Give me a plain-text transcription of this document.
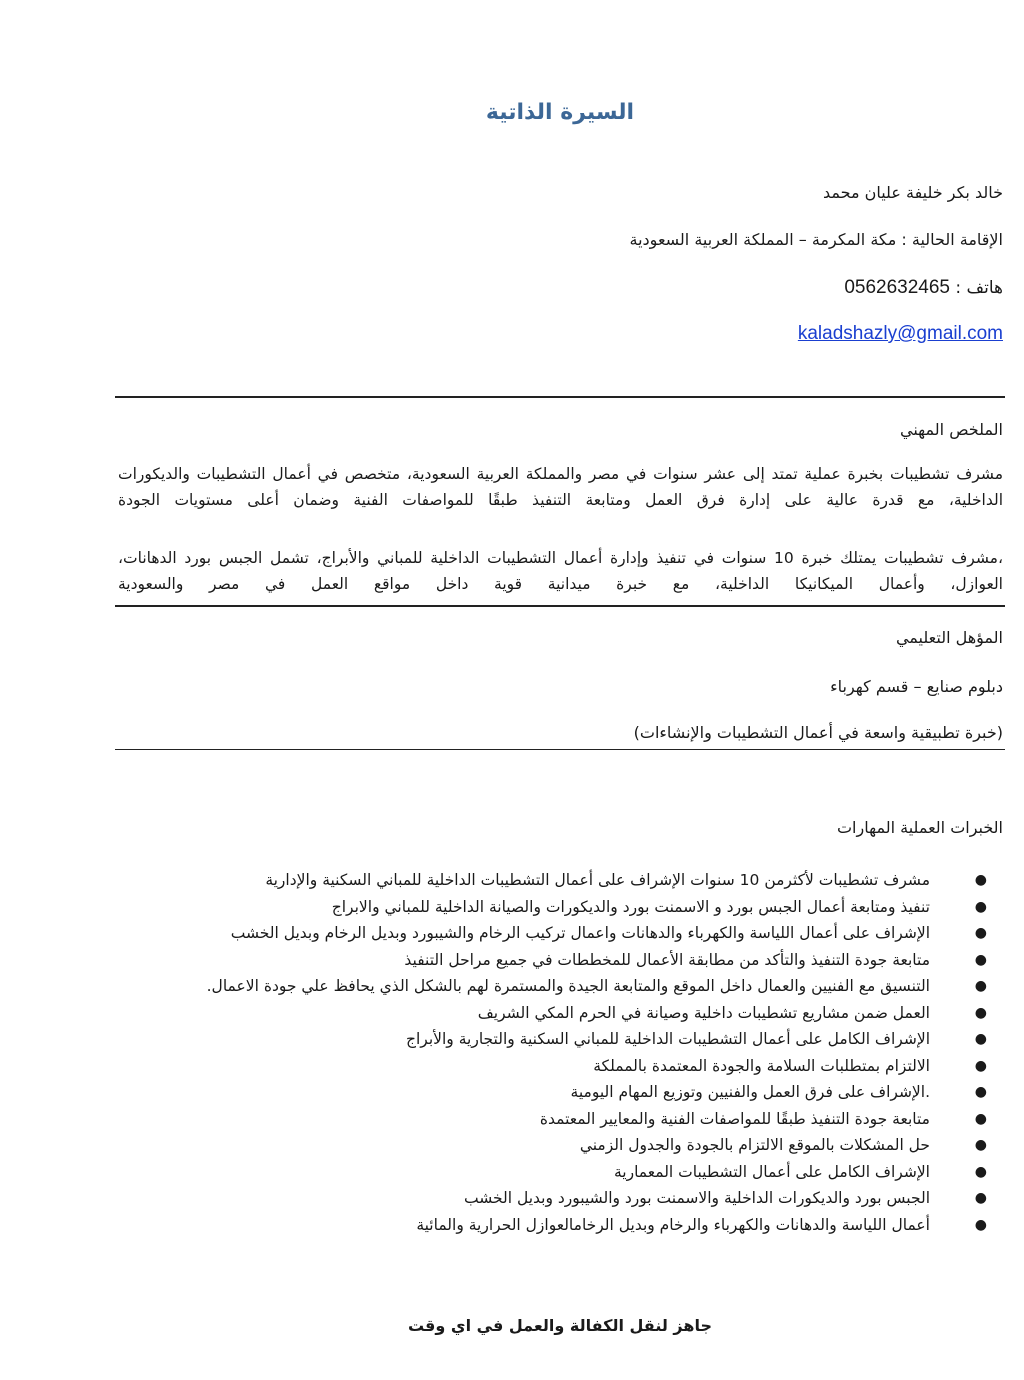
السيرة الذاتية
خالد بكر خليفة عليان محمد
الإقامة الحالية : مكة المكرمة – المملكة العربية السعودية
هاتف : 0562632465
kaladshazly@gmail.com
الملخص المهني
مشرف تشطيبات بخبرة عملية تمتد إلى عشر سنوات في مصر والمملكة العربية السعودية، متخصص في أعمال التشطيبات والديكورات الداخلية، مع قدرة عالية على إدارة فرق العمل ومتابعة التنفيذ طبقًا للمواصفات الفنية وضمان أعلى مستويات الجودة
،مشرف تشطيبات يمتلك خبرة 10 سنوات في تنفيذ وإدارة أعمال التشطيبات الداخلية للمباني والأبراج، تشمل الجبس بورد الدهانات، العوازل، وأعمال الميكانيكا الداخلية، مع خبرة ميدانية قوية داخل مواقع العمل في مصر والسعودية
المؤهل التعليمي
دبلوم صنايع – قسم كهرباء
(خبرة تطبيقية واسعة في أعمال التشطيبات والإنشاءات)
الخبرات العملية المهارات
●
مشرف تشطيبات لأكثرمن 10 سنوات الإشراف على أعمال التشطيبات الداخلية للمباني السكنية والإدارية
●
تنفيذ ومتابعة أعمال الجبس بورد و الاسمنت بورد والديكورات والصيانة الداخلية للمباني والابراج
●
الإشراف على أعمال اللياسة والكهرباء والدهانات واعمال تركيب الرخام والشيبورد وبديل الرخام وبديل الخشب
●
متابعة جودة التنفيذ والتأكد من مطابقة الأعمال للمخططات في جميع مراحل التنفيذ
●
التنسيق مع الفنيين والعمال داخل الموقع والمتابعة الجيدة والمستمرة لهم بالشكل الذي يحافظ علي جودة الاعمال.
●
العمل ضمن مشاريع تشطيبات داخلية وصيانة في الحرم المكي الشريف
●
الإشراف الكامل على أعمال التشطيبات الداخلية للمباني السكنية والتجارية والأبراج
●
الالتزام بمتطلبات السلامة والجودة المعتمدة بالمملكة
●
.الإشراف على فرق العمل والفنيين وتوزيع المهام اليومية
●
متابعة جودة التنفيذ طبقًا للمواصفات الفنية والمعايير المعتمدة
●
حل المشكلات بالموقع الالتزام بالجودة والجدول الزمني
●
الإشراف الكامل على أعمال التشطيبات المعمارية
●
الجبس بورد والديكورات الداخلية والاسمنت بورد والشيبورد وبديل الخشب
●
أعمال اللياسة والدهانات والكهرباء والرخام وبديل الرخامالعوازل الحرارية والمائية
جاهز لنقل الكفالة والعمل في اي وقت
